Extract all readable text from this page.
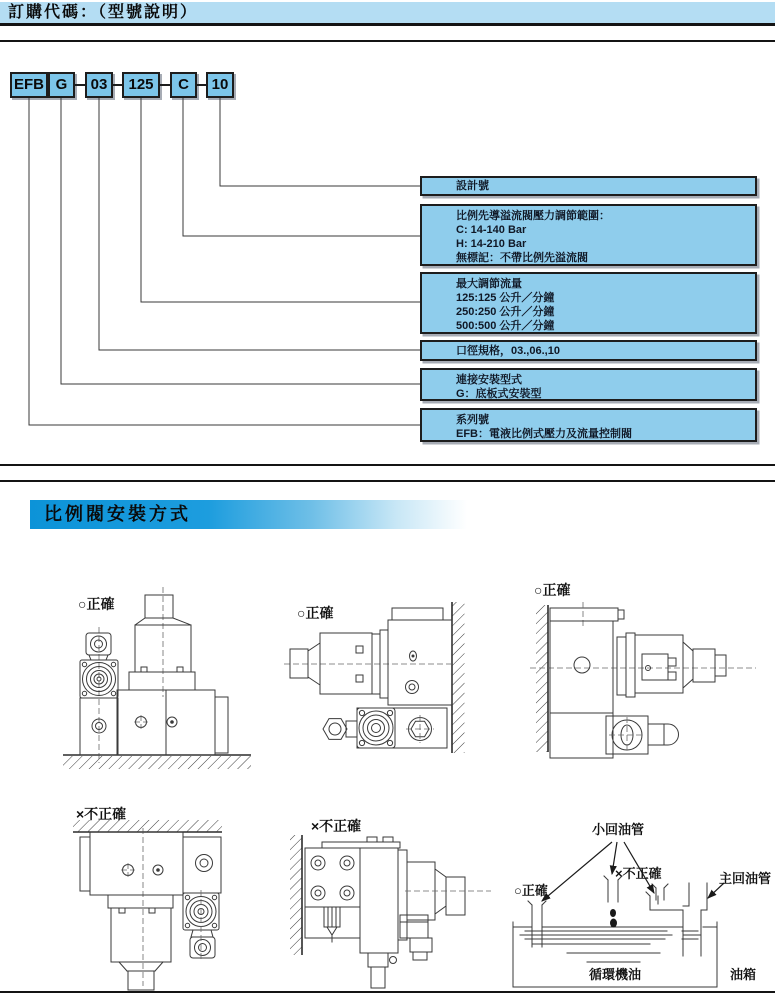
訂購代碼：（型號說明）
EFB G	03	125	C	10
設計號
比例先導溢流閥壓力調節範圍：
C: 14-140 Bar
H: 14-210 Bar
無標記：不帶比例先溢流閥
最大調節流量
125:125 公升／分鐘
250:250 公升／分鐘
500:500 公升／分鐘
口徑規格，03.,06.,10
連接安裝型式
G：底板式安裝型
系列號
EFB：電液比例式壓力及流量控制閥
比例閥安裝方式
○正確
○正確
○正確
×不正確
×不正確	小回油管
×不正確	主回油管
○正確
循環機油	油箱
